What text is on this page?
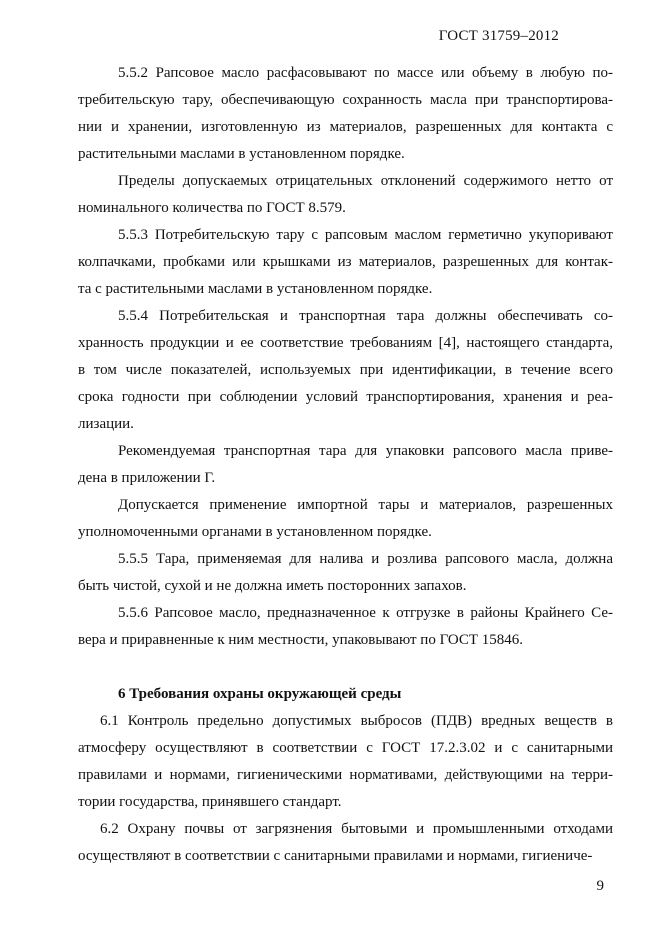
ГОСТ 31759–2012

5.5.2 Рапсовое масло расфасовывают по массе или объему в любую по-
требительскую тару, обеспечивающую сохранность масла при транспортирова-
нии и хранении, изготовленную из материалов, разрешенных для контакта с
растительными маслами в установленном порядке.

Пределы допускаемых отрицательных отклонений содержимого нетто от
номинального количества по ГОСТ 8.579.

5.5.3 Потребительскую тару с рапсовым маслом герметично укупоривают
колпачками, пробками или крышками из материалов, разрешенных для контак-
та с растительными маслами в установленном порядке.

5.5.4 Потребительская и транспортная тара должны обеспечивать со-
хранность продукции и ее соответствие требованиям [4], настоящего стандарта,
в том числе показателей, используемых при идентификации, в течение всего
срока годности при соблюдении условий транспортирования, хранения и реа-
лизации.

Рекомендуемая транспортная тара для упаковки рапсового масла приве-
дена в приложении Г.

Допускается применение импортной тары и материалов, разрешенных
уполномоченными органами в установленном порядке.

5.5.5 Тара, применяемая для налива и розлива рапсового масла, должна
быть чистой, сухой и не должна иметь посторонних запахов.

5.5.6 Рапсовое масло, предназначенное к отгрузке в районы Крайнего Се-
вера и приравненные к ним местности, упаковывают по ГОСТ 15846.

6 Требования охраны окружающей среды

6.1 Контроль предельно допустимых выбросов (ПДВ) вредных веществ в
атмосферу осуществляют в соответствии с ГОСТ 17.2.3.02 и с санитарными
правилами и нормами, гигиеническими нормативами, действующими на терри-
тории государства, принявшего стандарт.

6.2 Охрану почвы от загрязнения бытовыми и промышленными отходами
осуществляют в соответствии с санитарными правилами и нормами, гигиениче-

9
